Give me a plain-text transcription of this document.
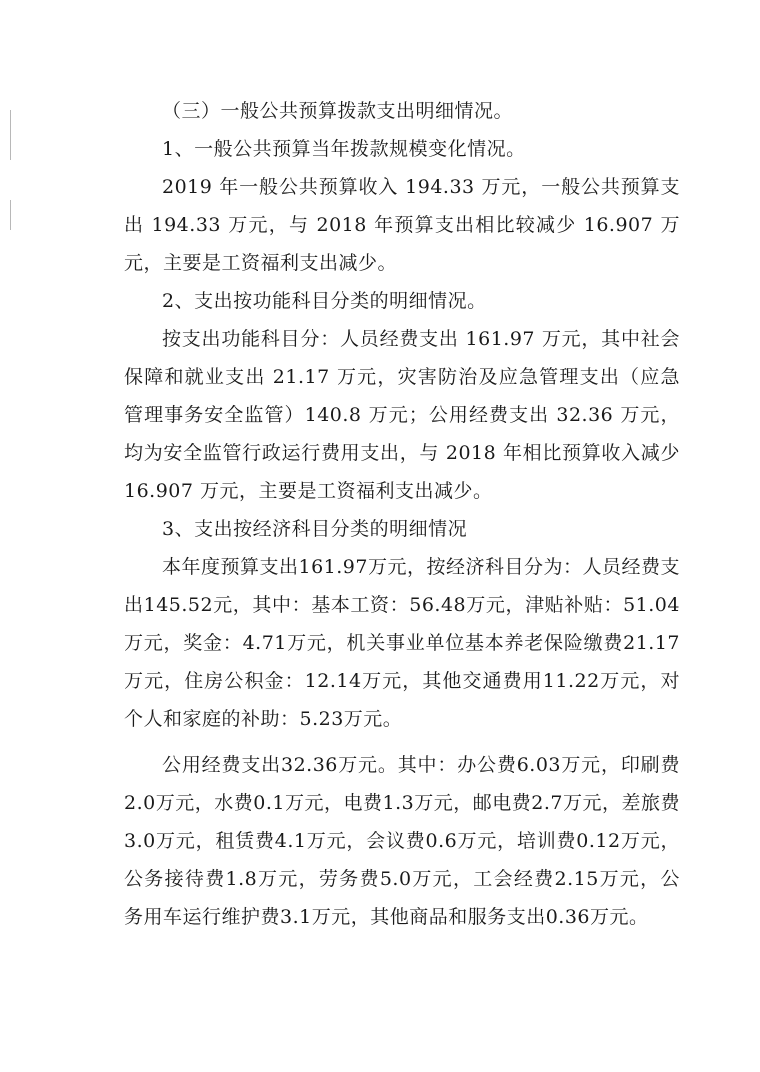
（三）一般公共预算拨款支出明细情况。

1、一般公共预算当年拨款规模变化情况。

2019 年一般公共预算收入 194.33 万元，一般公共预算支出 194.33 万元，与 2018 年预算支出相比较减少 16.907 万元，主要是工资福利支出减少。

2、支出按功能科目分类的明细情况。

按支出功能科目分：人员经费支出 161.97 万元，其中社会保障和就业支出 21.17 万元，灾害防治及应急管理支出（应急管理事务安全监管）140.8 万元；公用经费支出 32.36 万元，均为安全监管行政运行费用支出，与 2018 年相比预算收入减少 16.907 万元，主要是工资福利支出减少。

3、支出按经济科目分类的明细情况

本年度预算支出161.97万元，按经济科目分为：人员经费支出145.52元，其中：基本工资：56.48万元，津贴补贴：51.04万元，奖金：4.71万元，机关事业单位基本养老保险缴费21.17万元，住房公积金：12.14万元，其他交通费用11.22万元，对个人和家庭的补助：5.23万元。

公用经费支出32.36万元。其中：办公费6.03万元，印刷费2.0万元，水费0.1万元，电费1.3万元，邮电费2.7万元，差旅费3.0万元，租赁费4.1万元，会议费0.6万元，培训费0.12万元，公务接待费1.8万元，劳务费5.0万元，工会经费2.15万元，公务用车运行维护费3.1万元，其他商品和服务支出0.36万元。
